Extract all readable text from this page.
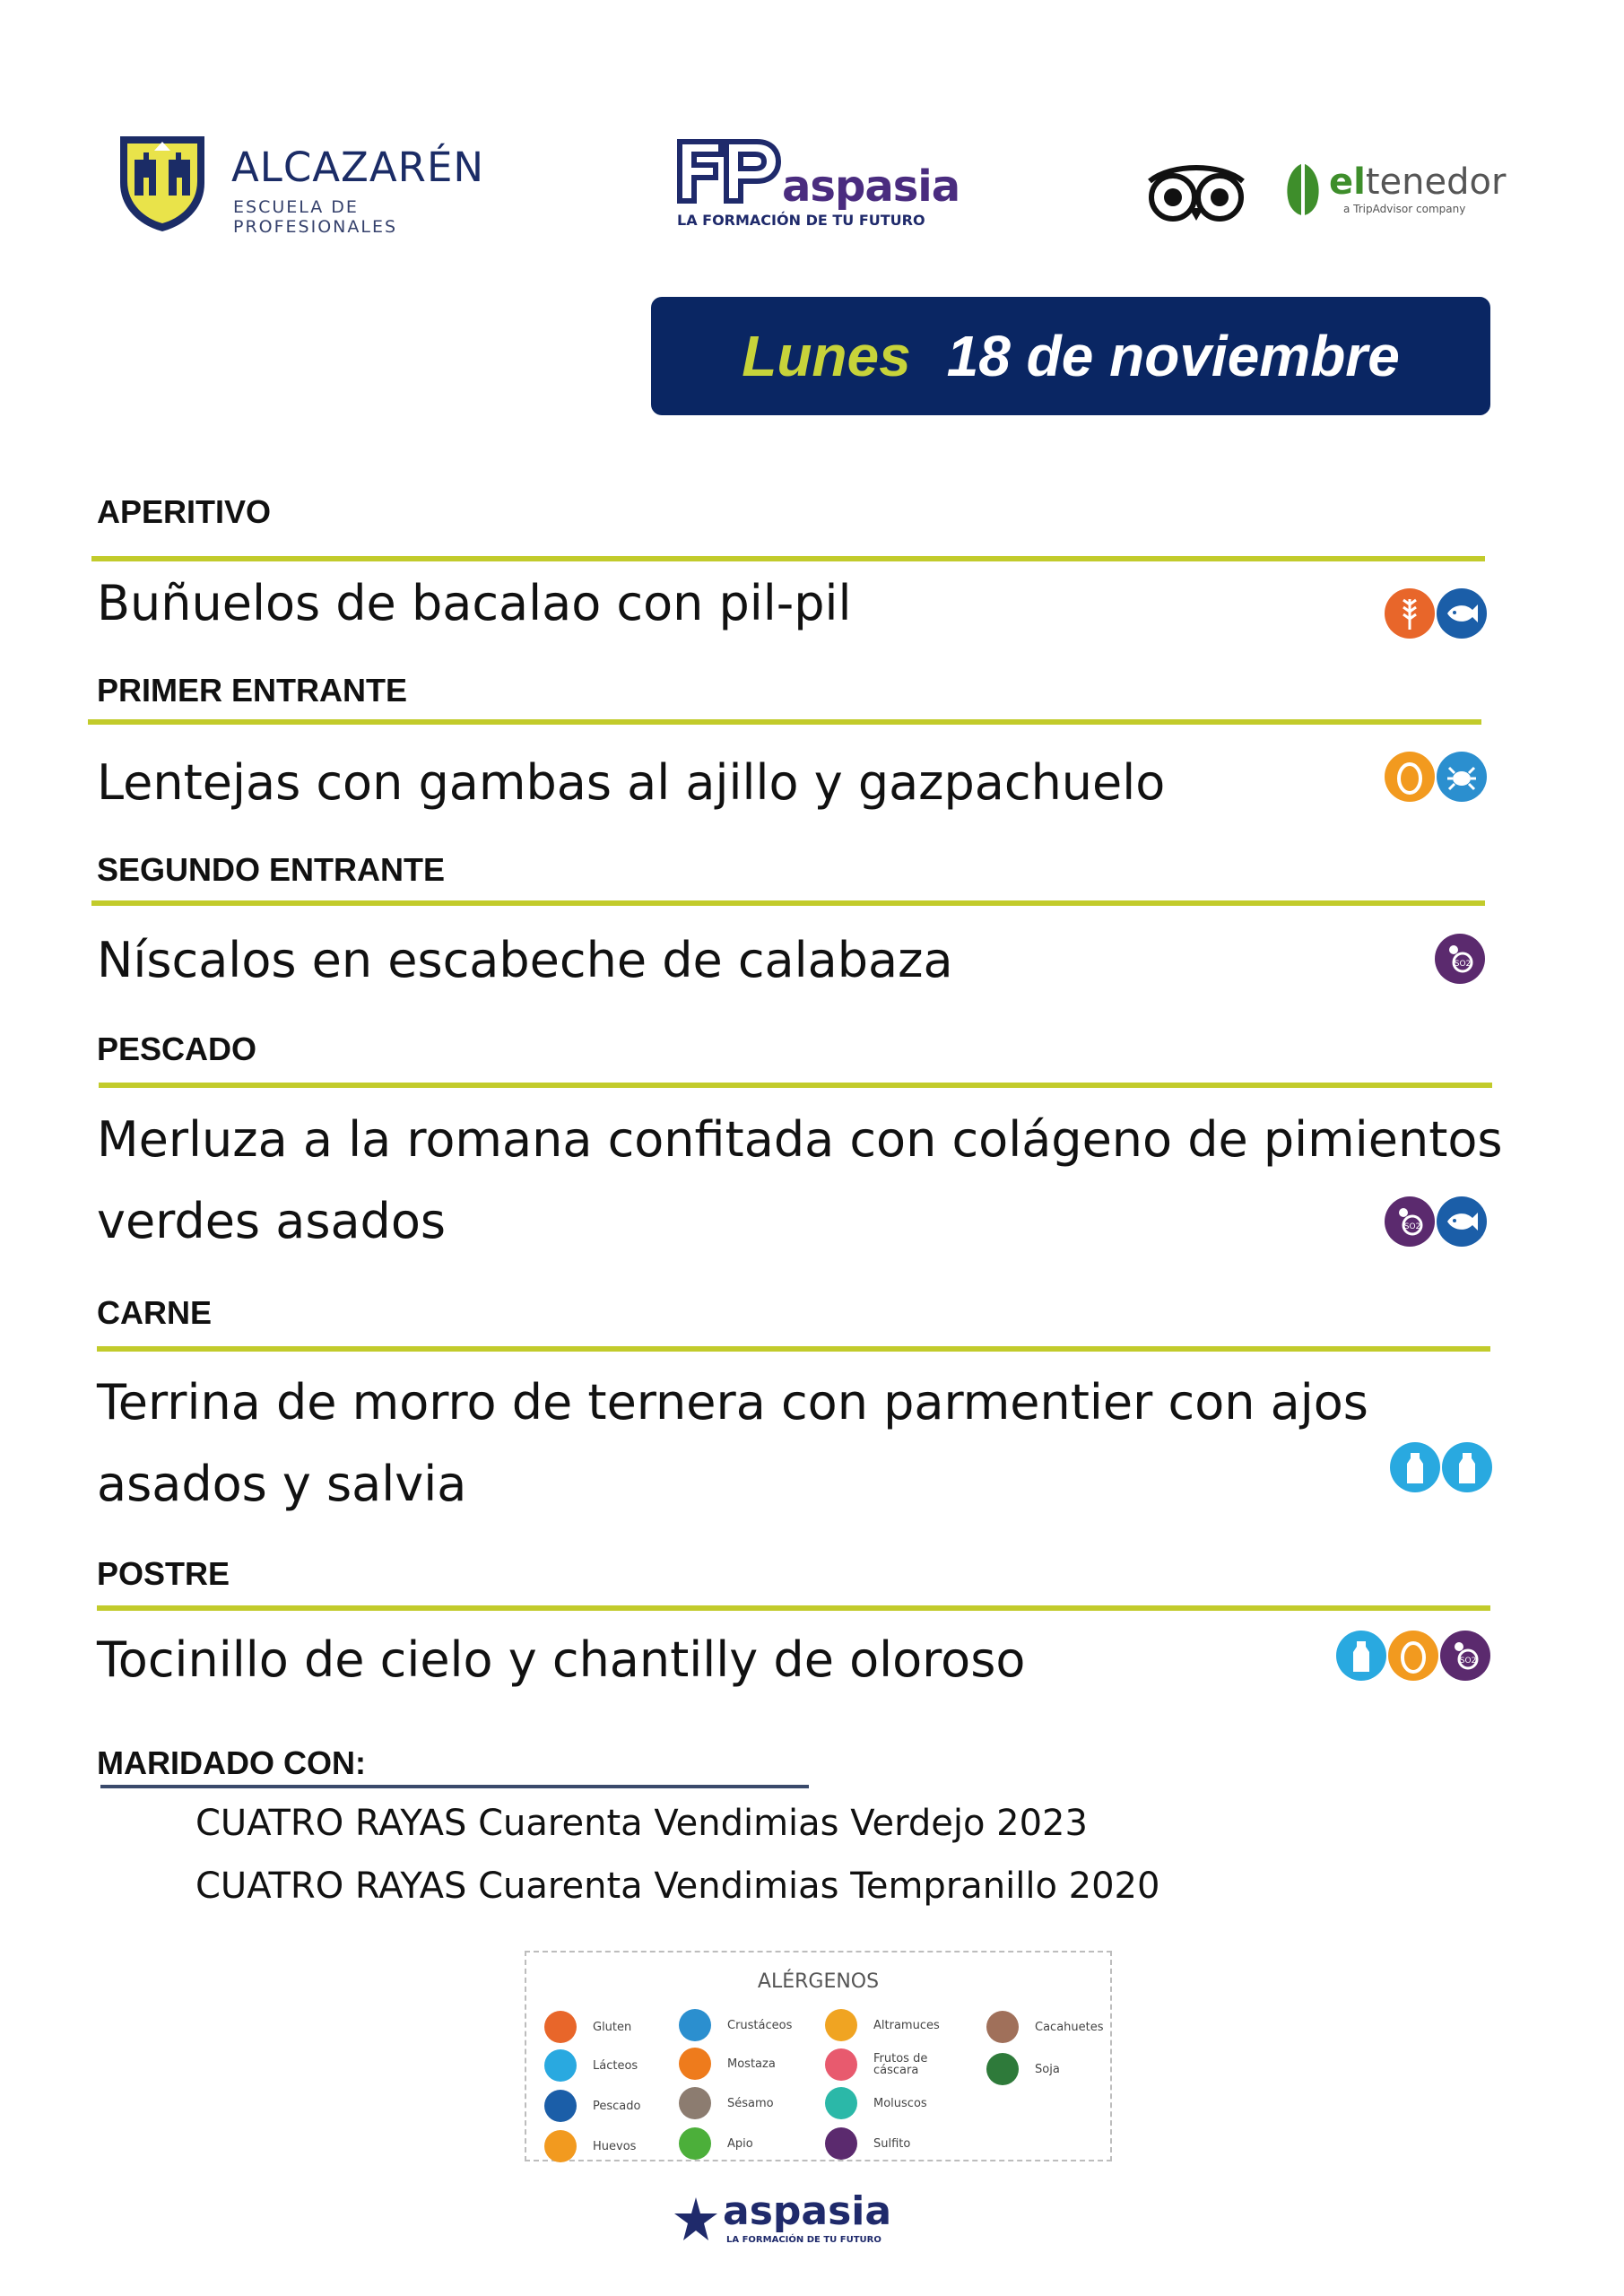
ALCAZARÉN
ESCUELA DE PROFESIONALES
aspasia
LA FORMACIÓN DE TU FUTURO
eltenedor
a TripAdvisor company
Lunes 18 de noviembre
APERITIVO
Buñuelos de bacalao con pil-pil
PRIMER ENTRANTE
Lentejas con gambas al ajillo y gazpachuelo
SEGUNDO ENTRANTE
Níscalos en escabeche de calabaza	SO2
PESCADO
Merluza a la romana confitada con colágeno de pimientos
verdes asados	SO2
CARNE
Terrina de morro de ternera con parmentier con ajos
asados y salvia
POSTRE
Tocinillo de cielo y chantilly de oloroso	SO2
MARIDADO CON:
CUATRO RAYAS Cuarenta Vendimias Verdejo 2023
CUATRO RAYAS Cuarenta Vendimias Tempranillo 2020
ALÉRGENOS
Gluten
Lácteos
Pescado
Huevos
Crustáceos
Mostaza
Sésamo
Apio
Altramuces
Frutos de cáscara
Moluscos
Sulfito
Cacahuetes
Soja
aspasia
LA FORMACIÓN DE TU FUTURO
